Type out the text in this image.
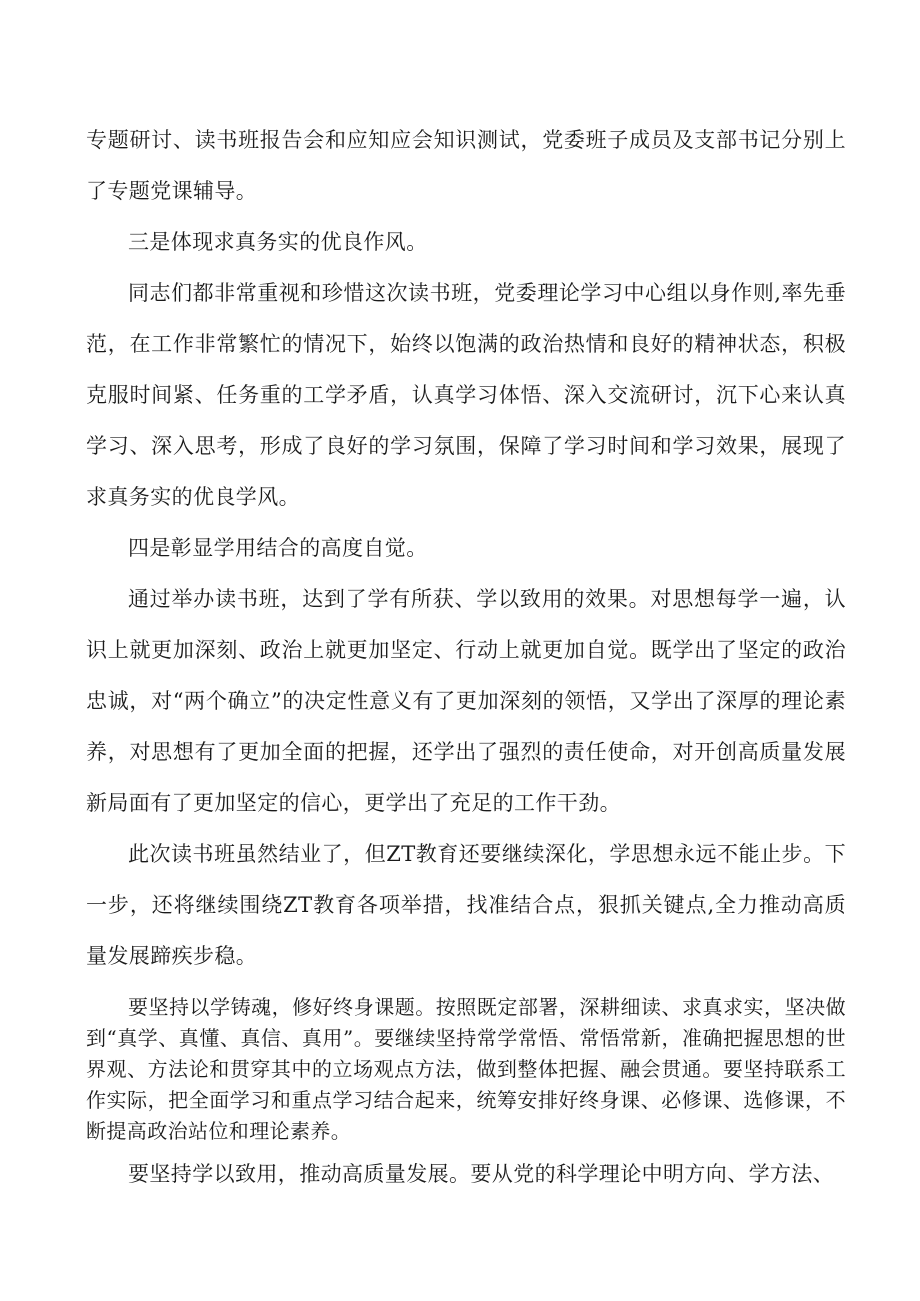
专题研讨、读书班报告会和应知应会知识测试，党委班子成员及支部书记分别上了专题党课辅导。

三是体现求真务实的优良作风。

同志们都非常重视和珍惜这次读书班，党委理论学习中心组以身作则,率先垂范，在工作非常繁忙的情况下，始终以饱满的政治热情和良好的精神状态，积极克服时间紧、任务重的工学矛盾，认真学习体悟、深入交流研讨，沉下心来认真学习、深入思考，形成了良好的学习氛围，保障了学习时间和学习效果，展现了求真务实的优良学风。

四是彰显学用结合的高度自觉。

通过举办读书班，达到了学有所获、学以致用的效果。对思想每学一遍，认识上就更加深刻、政治上就更加坚定、行动上就更加自觉。既学出了坚定的政治忠诚，对“两个确立”的决定性意义有了更加深刻的领悟，又学出了深厚的理论素养，对思想有了更加全面的把握，还学出了强烈的责任使命，对开创高质量发展新局面有了更加坚定的信心，更学出了充足的工作干劲。

此次读书班虽然结业了，但ZT教育还要继续深化，学思想永远不能止步。下一步，还将继续围绕ZT教育各项举措，找准结合点，狠抓关键点,全力推动高质量发展蹄疾步稳。

要坚持以学铸魂，修好终身课题。按照既定部署，深耕细读、求真求实，坚决做到“真学、真懂、真信、真用”。要继续坚持常学常悟、常悟常新，准确把握思想的世界观、方法论和贯穿其中的立场观点方法，做到整体把握、融会贯通。要坚持联系工作实际，把全面学习和重点学习结合起来，统筹安排好终身课、必修课、选修课，不断提高政治站位和理论素养。

要坚持学以致用，推动高质量发展。要从党的科学理论中明方向、学方法、
